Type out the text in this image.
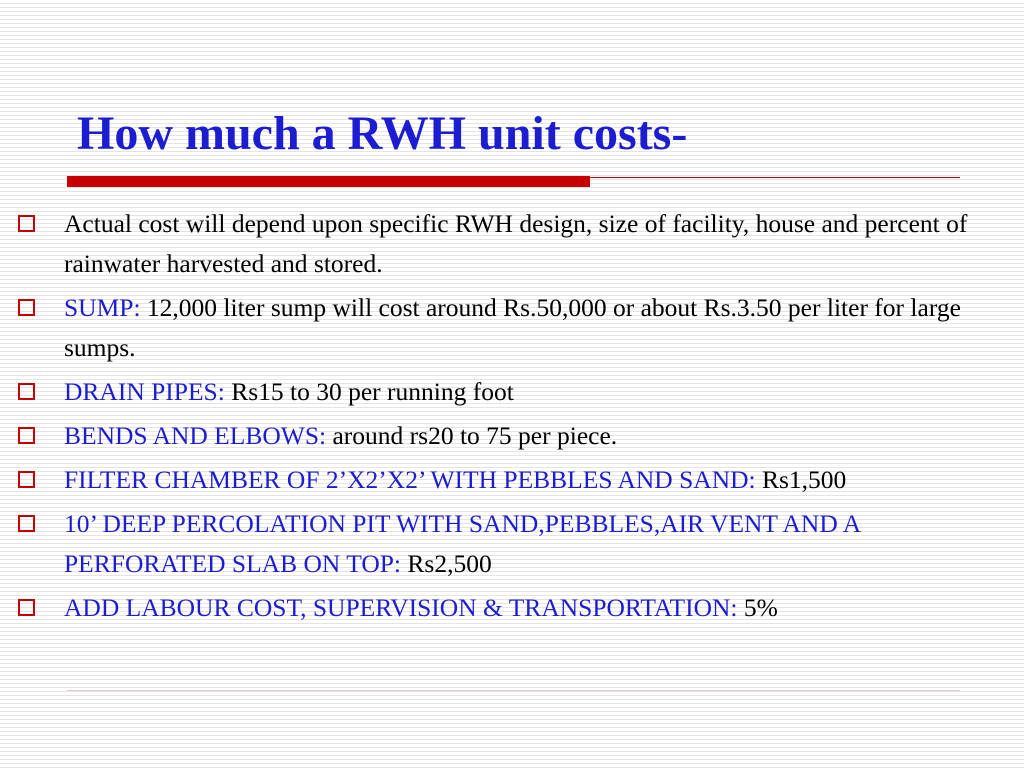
How much a RWH unit costs-
Actual cost will depend upon specific RWH design, size of facility, house and percent of rainwater harvested and stored.
SUMP: 12,000 liter sump will cost around Rs.50,000 or about Rs.3.50 per liter for large sumps.
DRAIN PIPES: Rs15 to 30 per running foot
BENDS AND ELBOWS: around rs20 to 75 per piece.
FILTER CHAMBER OF 2’X2’X2’ WITH PEBBLES AND SAND: Rs1,500
10’ DEEP PERCOLATION PIT WITH SAND,PEBBLES,AIR VENT AND A PERFORATED SLAB ON TOP: Rs2,500
ADD LABOUR COST, SUPERVISION & TRANSPORTATION: 5%
